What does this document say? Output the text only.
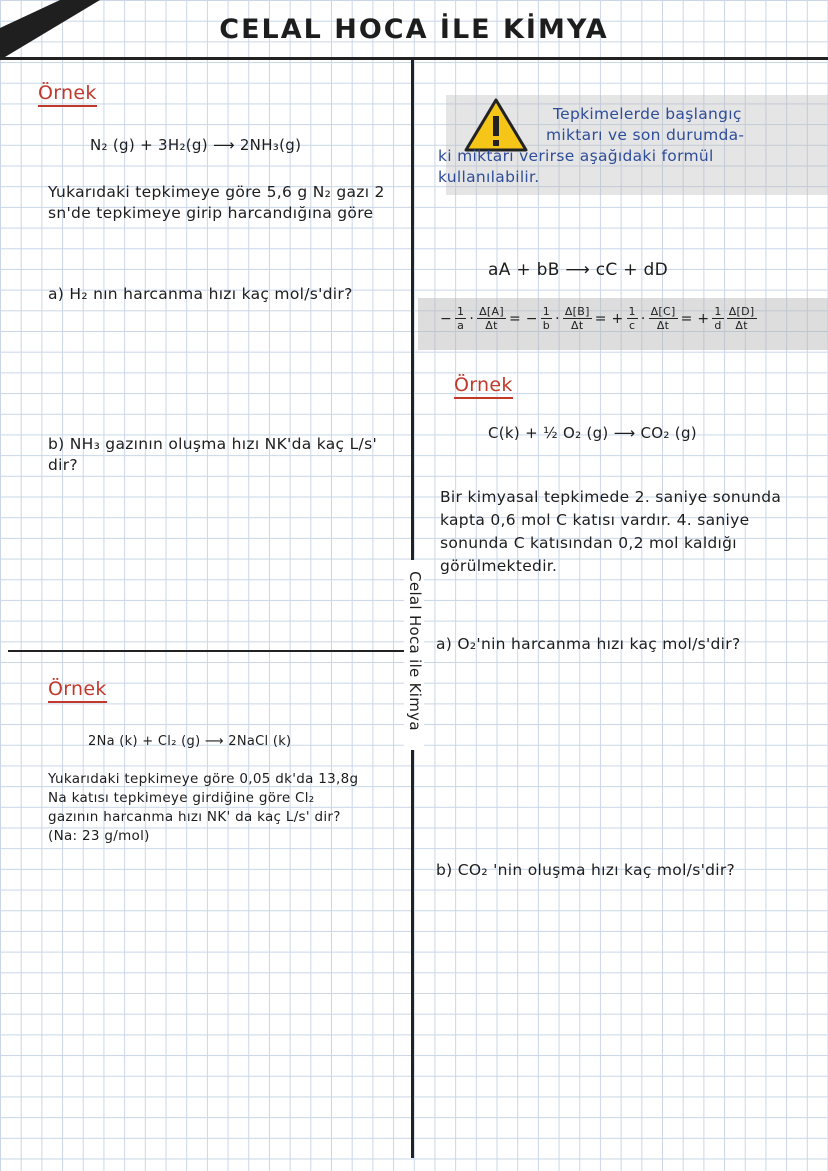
CELAL HOCA İLE KİMYA
Celal Hoca ile Kimya
Örnek
N₂ (g) + 3H₂(g) ⟶ 2NH₃(g)
Yukarıdaki tepkimeye göre 5,6 g N₂ gazı 2 sn'de tepkimeye girip harcandığına göre
a) H₂ nın harcanma hızı kaç mol/s'dir?
b) NH₃ gazının oluşma hızı NK'da kaç L/s' dir?
Örnek
2Na (k) + Cl₂ (g) ⟶ 2NaCl (k)
Yukarıdaki tepkimeye göre 0,05 dk'da 13,8g Na katısı tepkimeye girdiğine göre Cl₂ gazının harcanma hızı NK' da kaç L/s' dir? (Na: 23 g/mol)
Tepkimelerde başlangıç
miktarı ve son durumda-
ki miktarı verirse aşağıdaki formül
kullanılabilir.
aA + bB ⟶ cC + dD
− $\frac{1}{a} \cdot \frac{\Delta[A]}{\Delta t}$ = − $\frac{1}{b} \cdot \frac{\Delta[B]}{\Delta t}$ = + $\frac{1}{c} \cdot \frac{\Delta[C]}{\Delta t}$ = + $\frac{1}{d} \frac{\Delta[D]}{\Delta t}$
Örnek
C(k) + ½ O₂ (g) ⟶ CO₂ (g)
Bir kimyasal tepkimede 2. saniye sonunda kapta 0,6 mol C katısı vardır. 4. saniye sonunda C katısından 0,2 mol kaldığı görülmektedir.
a) O₂'nin harcanma hızı kaç mol/s'dir?
b) CO₂ 'nin oluşma hızı kaç mol/s'dir?
